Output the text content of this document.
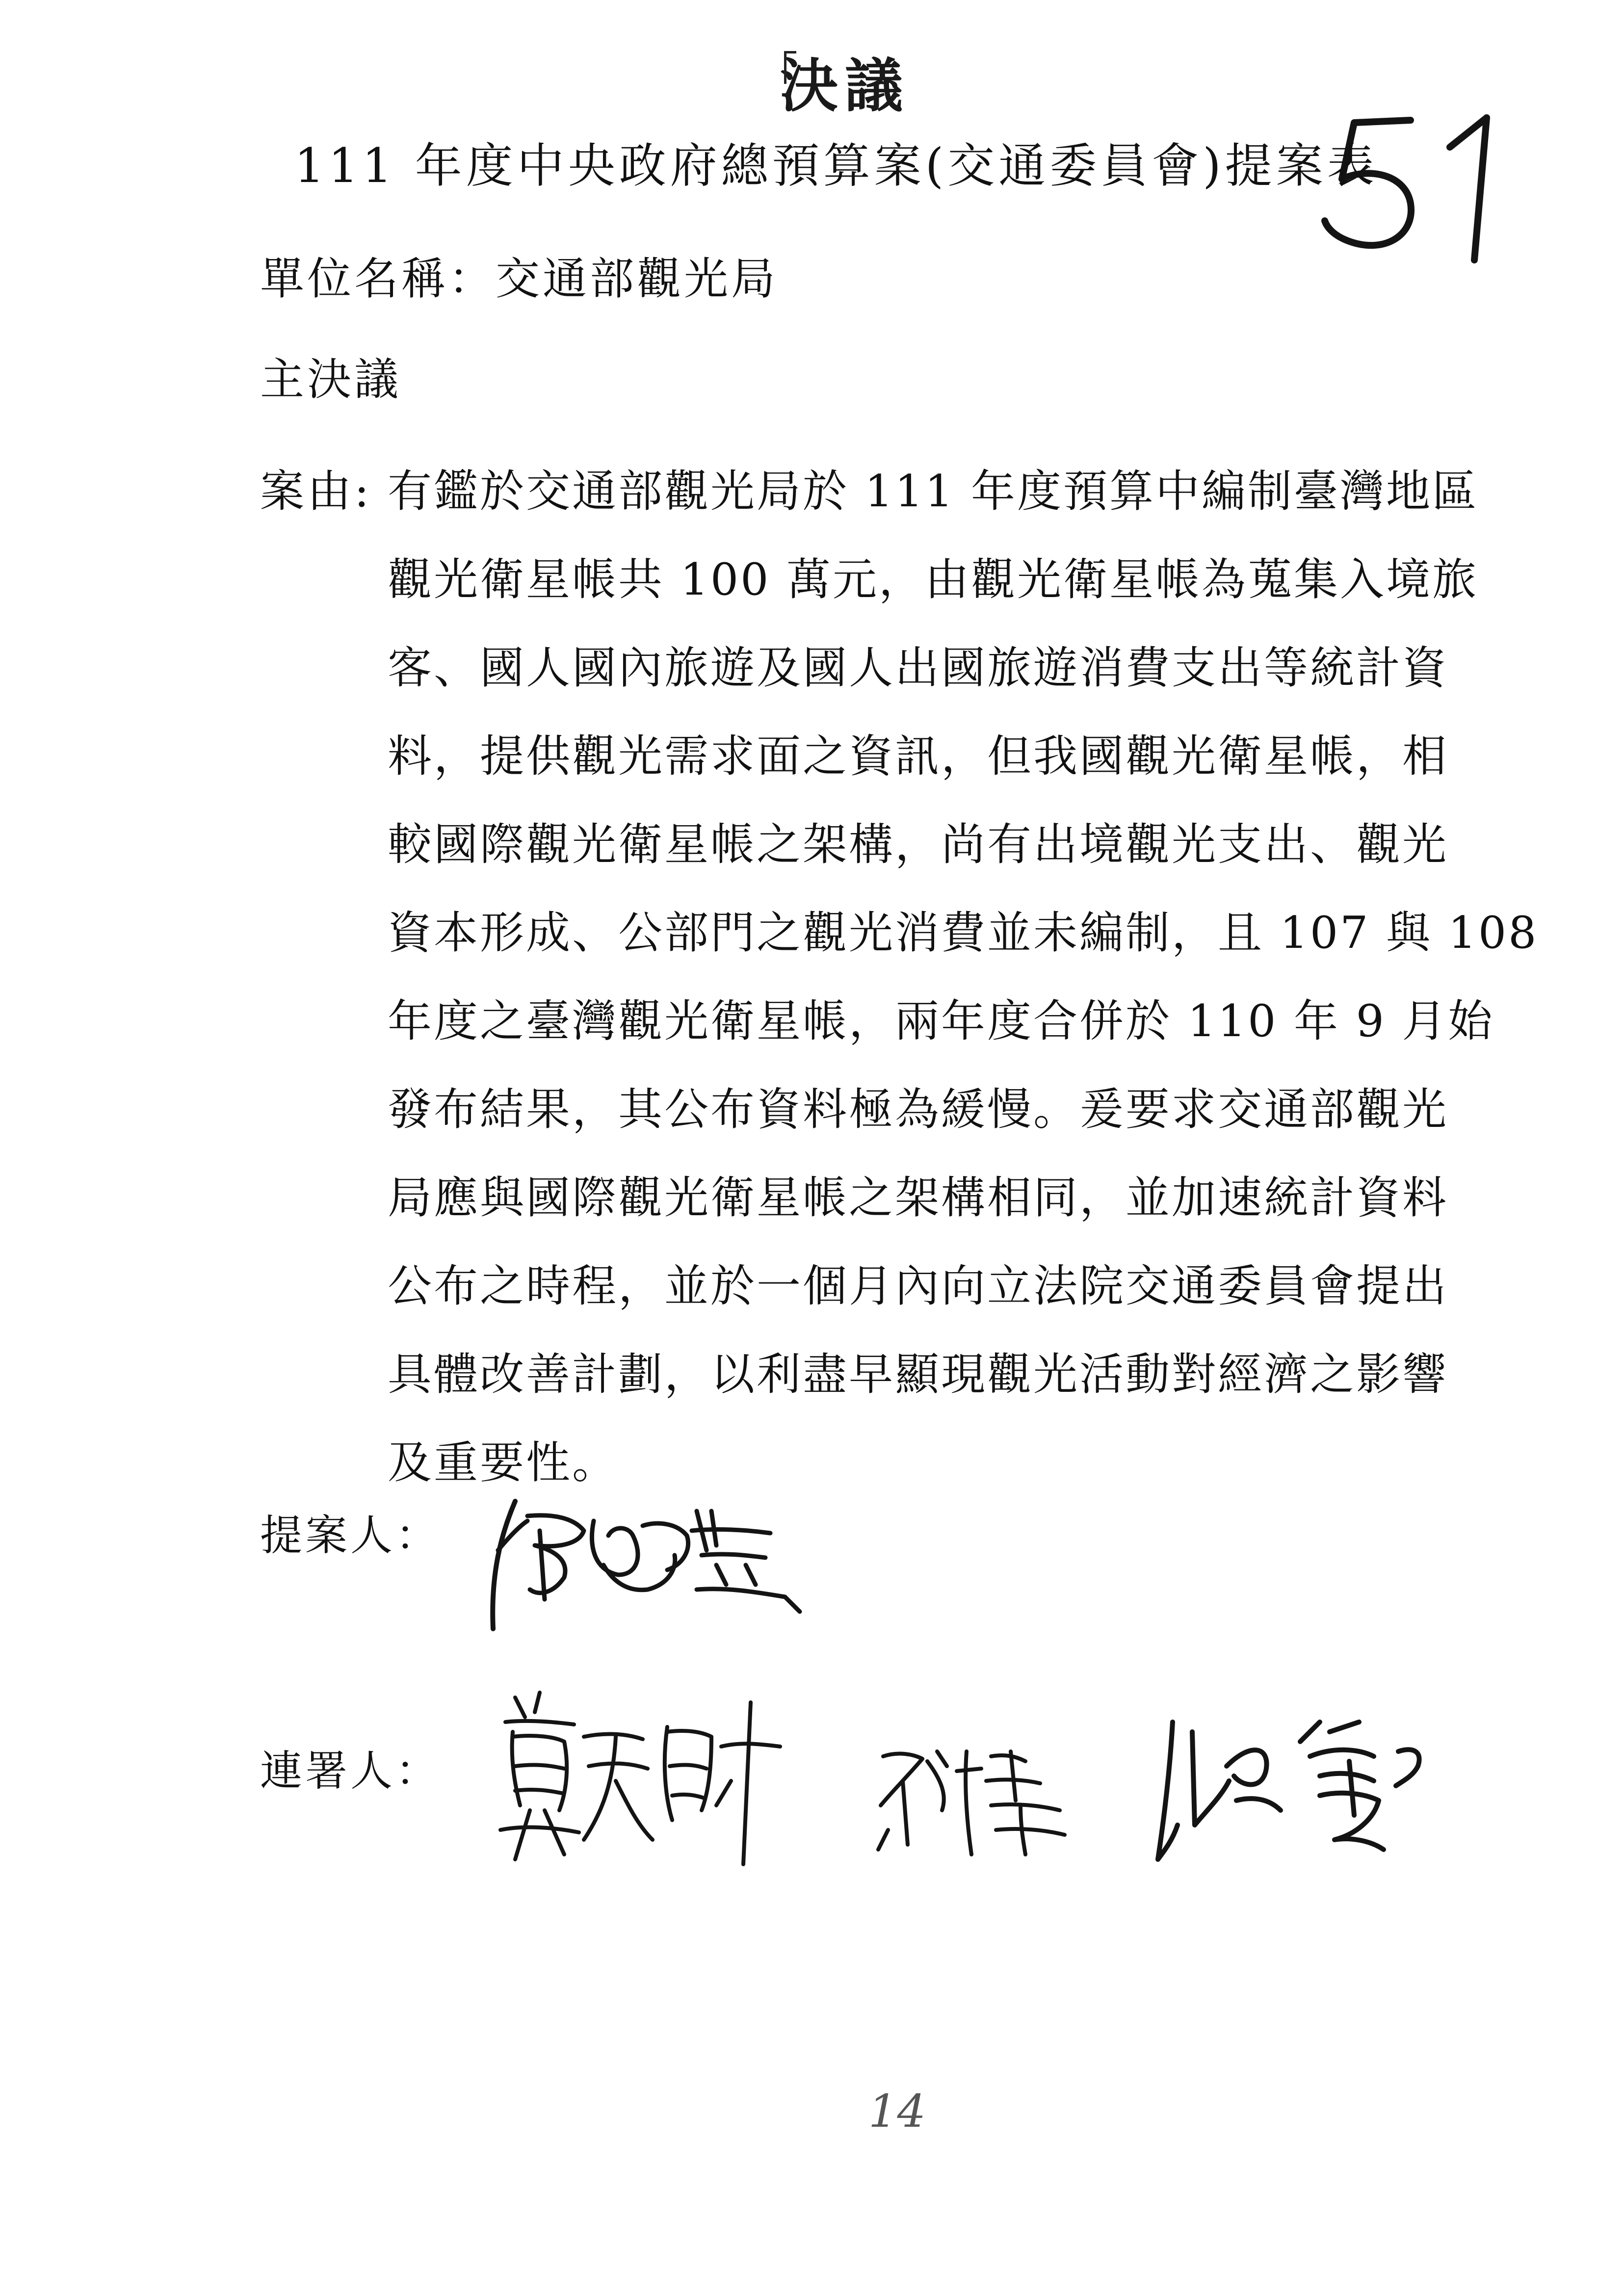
決議
111 年度中央政府總預算案(交通委員會)提案表
單位名稱：交通部觀光局
主決議
案由: 有鑑於交通部觀光局於 111 年度預算中編制臺灣地區
觀光衛星帳共 100 萬元，由觀光衛星帳為蒐集入境旅
客、國人國內旅遊及國人出國旅遊消費支出等統計資
料，提供觀光需求面之資訊，但我國觀光衛星帳，相
較國際觀光衛星帳之架構，尚有出境觀光支出、觀光
資本形成、公部門之觀光消費並未編制，且 107 與 108
年度之臺灣觀光衛星帳，兩年度合併於 110 年 9 月始
發布結果，其公布資料極為緩慢。爰要求交通部觀光
局應與國際觀光衛星帳之架構相同，並加速統計資料
公布之時程，並於一個月內向立法院交通委員會提出
具體改善計劃，以利盡早顯現觀光活動對經濟之影響
及重要性。
提案人：
連署人：
14
